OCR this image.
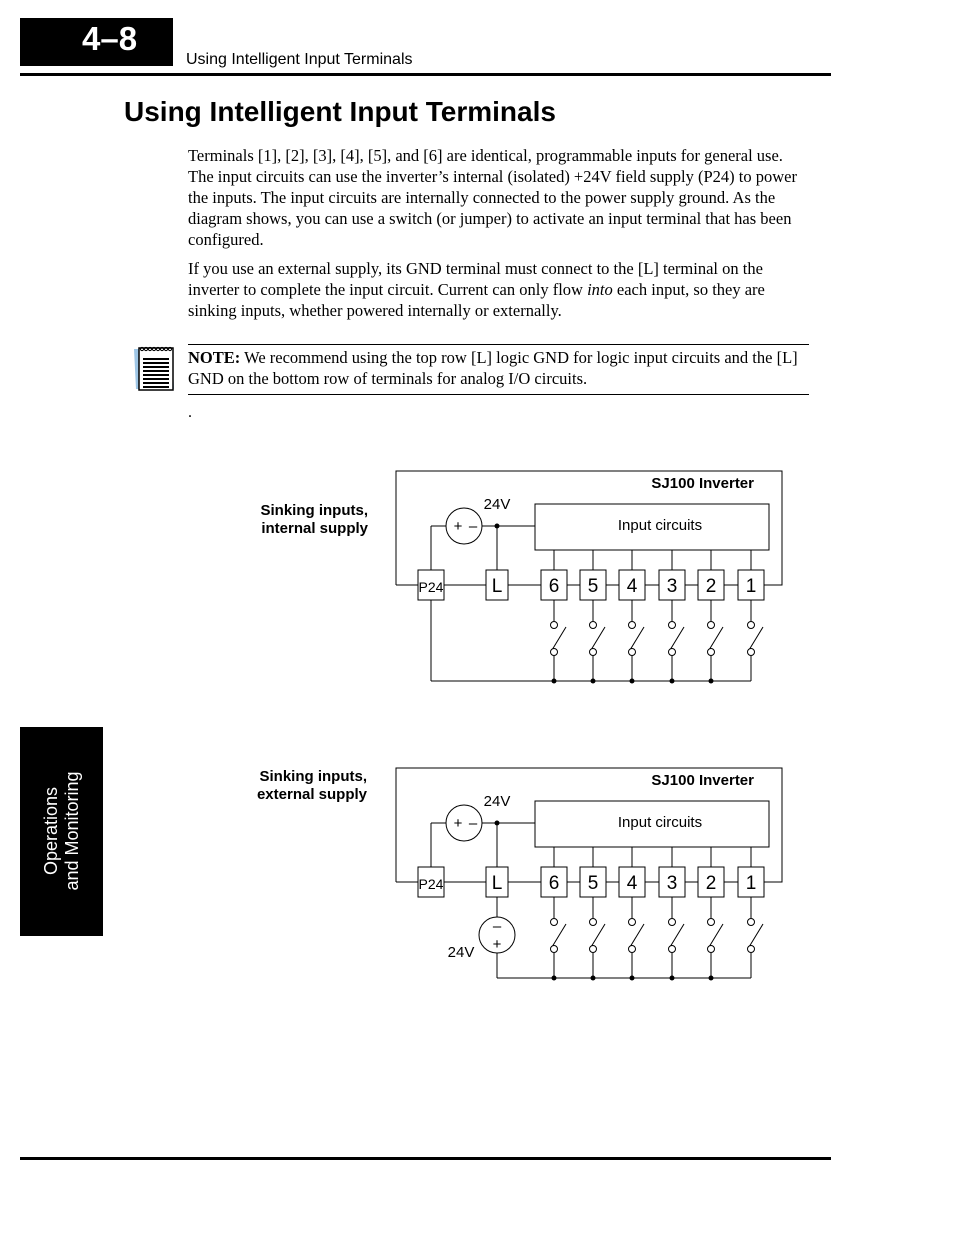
4–8
Using Intelligent Input Terminals
Using Intelligent Input Terminals

Terminals [1], [2], [3], [4], [5], and [6] are identical, programmable inputs for general use. The input circuits can use the inverter’s internal (isolated) +24V field supply (P24) to power the inputs. The input circuits are internally connected to the power supply ground. As the diagram shows, you can use a switch (or jumper) to activate an input terminal that has been configured.

If you use an external supply, its GND terminal must connect to the [L] terminal on the inverter to complete the input circuit. Current can only flow into each input, so they are sinking inputs, whether powered internally or externally.

NOTE: We recommend using the top row [L] logic GND for logic input circuits and the [L] GND on the bottom row of terminals for analog I/O circuits.

.
Sinking inputs,
internal supply
SJ100 Inverter
Input circuits
+ –
24V
P24	L 6 5 4 3 2 1
Sinking inputs,
external supply
SJ100 Inverter
Input circuits
+ –
24V
P24	L 6 5 4 3 2 1
–
+
24V
Operations and Monitoring
